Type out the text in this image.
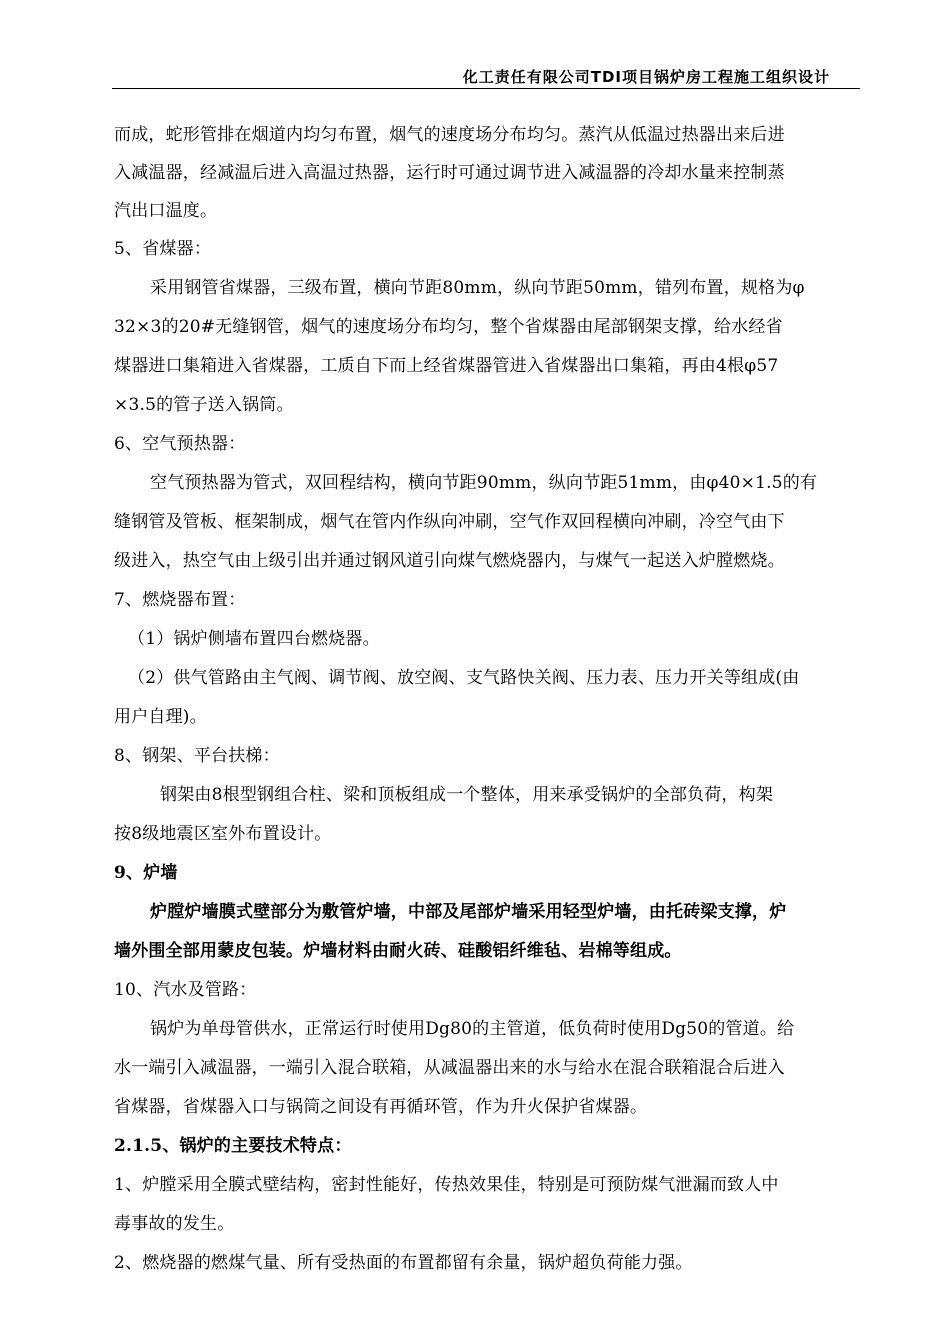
化工责任有限公司TDI项目锅炉房工程施工组织设计
而成，蛇形管排在烟道内均匀布置，烟气的速度场分布均匀。蒸汽从低温过热器出来后进
入减温器，经减温后进入高温过热器，运行时可通过调节进入减温器的冷却水量来控制蒸
汽出口温度。
5、省煤器：
采用钢管省煤器，三级布置，横向节距80mm，纵向节距50mm，错列布置，规格为φ
32×3的20#无缝钢管，烟气的速度场分布均匀，整个省煤器由尾部钢架支撑，给水经省
煤器进口集箱进入省煤器，工质自下而上经省煤器管进入省煤器出口集箱，再由4根φ57
×3.5的管子送入锅筒。
6、空气预热器：
空气预热器为管式，双回程结构，横向节距90mm，纵向节距51mm，由φ40×1.5的有
缝钢管及管板、框架制成，烟气在管内作纵向冲刷，空气作双回程横向冲刷，冷空气由下
级进入，热空气由上级引出并通过钢风道引向煤气燃烧器内，与煤气一起送入炉膛燃烧。
7、燃烧器布置：
（1）锅炉侧墙布置四台燃烧器。
（2）供气管路由主气阀、调节阀、放空阀、支气路快关阀、压力表、压力开关等组成(由
用户自理)。
8、钢架、平台扶梯：
钢架由8根型钢组合柱、梁和顶板组成一个整体，用来承受锅炉的全部负荷，构架
按8级地震区室外布置设计。
9、炉墙
炉膛炉墙膜式壁部分为敷管炉墙，中部及尾部炉墙采用轻型炉墙，由托砖梁支撑，炉
墙外围全部用蒙皮包装。炉墙材料由耐火砖、硅酸铝纤维毡、岩棉等组成。
10、汽水及管路：
锅炉为单母管供水，正常运行时使用Dg80的主管道，低负荷时使用Dg50的管道。给
水一端引入减温器，一端引入混合联箱，从减温器出来的水与给水在混合联箱混合后进入
省煤器，省煤器入口与锅筒之间设有再循环管，作为升火保护省煤器。
2.1.5、锅炉的主要技术特点：
1、炉膛采用全膜式壁结构，密封性能好，传热效果佳，特别是可预防煤气泄漏而致人中
毒事故的发生。
2、燃烧器的燃煤气量、所有受热面的布置都留有余量，锅炉超负荷能力强。
